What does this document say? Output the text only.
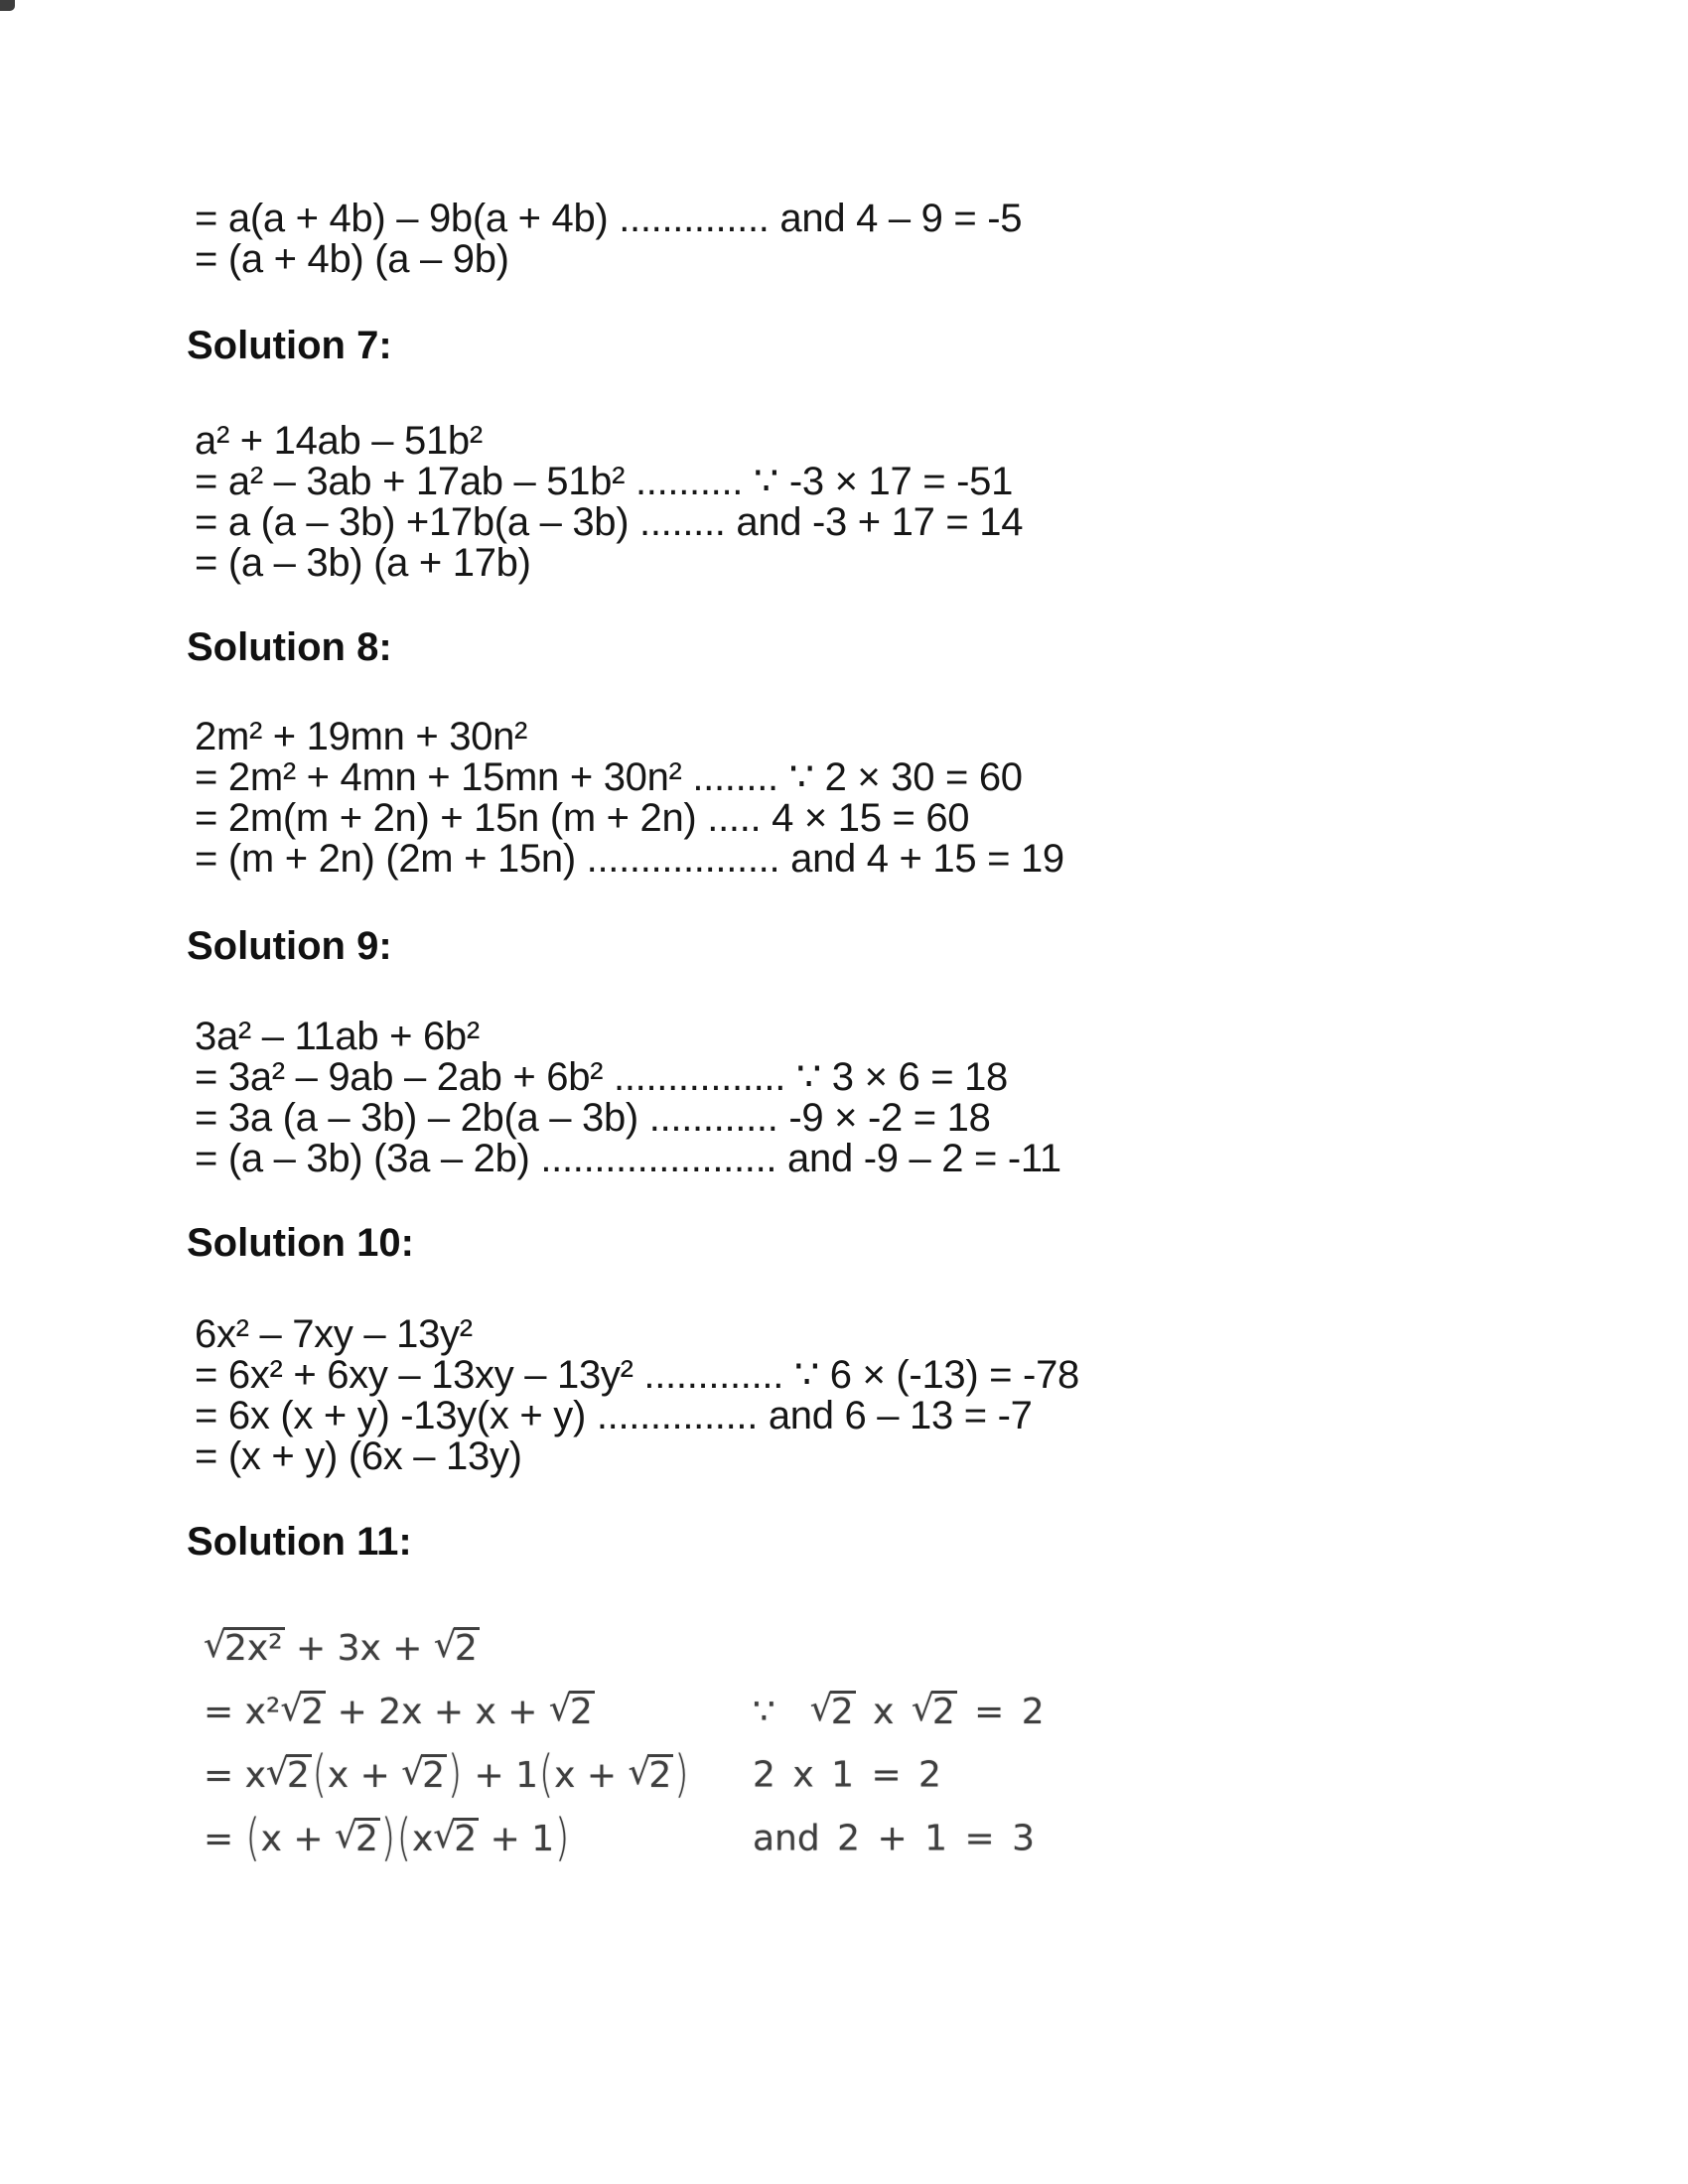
= a(a + 4b) – 9b(a + 4b) .............. and 4 – 9 = -5
= (a + 4b) (a – 9b)
Solution 7:
a² + 14ab – 51b²
= a² – 3ab + 17ab – 51b² .......... ∵ -3 × 17 = -51
= a (a – 3b) +17b(a – 3b) ........ and -3 + 17 = 14
= (a – 3b) (a + 17b)
Solution 8:
2m² + 19mn + 30n²
= 2m² + 4mn + 15mn + 30n² ........ ∵ 2 × 30 = 60
= 2m(m + 2n) + 15n (m + 2n) ..... 4 × 15 = 60
= (m + 2n) (2m + 15n) .................. and 4 + 15 = 19
Solution 9:
3a² – 11ab + 6b²
= 3a² – 9ab – 2ab + 6b² ................ ∵ 3 × 6 = 18
= 3a (a – 3b) – 2b(a – 3b) ............ -9 × -2 = 18
= (a – 3b) (3a – 2b) ...................... and -9 – 2 = -11
Solution 10:
6x² – 7xy – 13y²
= 6x² + 6xy – 13xy – 13y² ............. ∵ 6 × (-13) = -78
= 6x (x + y) -13y(x + y) ............... and 6 – 13 = -7
= (x + y) (6x – 13y)
Solution 11:
√2x² + 3x + √2
= x²√2 + 2x + x + √2	∵  √2 x √2 = 2
= x√2(x + √2) + 1(x + √2) 2 x 1 = 2
= (x + √2)(x√2 + 1)	and 2 + 1 = 3
